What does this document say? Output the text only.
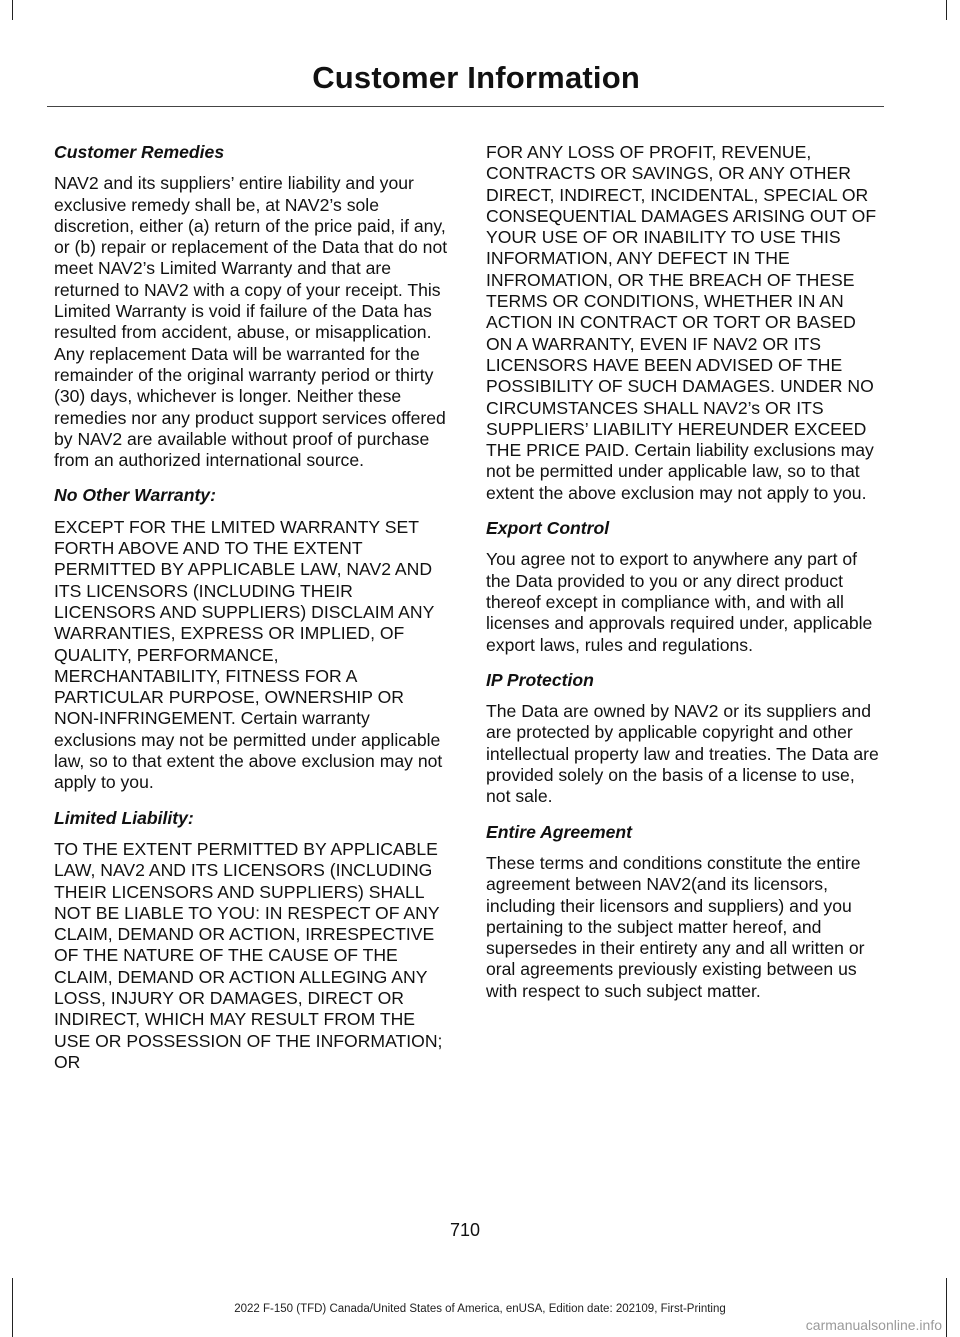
Customer Information
Customer Remedies

NAV2 and its suppliers’ entire liability and your exclusive remedy shall be, at NAV2’s sole discretion, either (a) return of the price paid, if any, or (b) repair or replacement of the Data that do not meet NAV2’s Limited Warranty and that are returned to NAV2 with a copy of your receipt. This Limited Warranty is void if failure of the Data has resulted from accident, abuse, or misapplication. Any replacement Data will be warranted for the remainder of the original warranty period or thirty (30) days, whichever is longer. Neither these remedies nor any product support services offered by NAV2 are available without proof of purchase from an authorized international source.

No Other Warranty:

EXCEPT FOR THE LMITED WARRANTY SET FORTH ABOVE AND TO THE EXTENT PERMITTED BY APPLICABLE LAW, NAV2 AND ITS LICENSORS (INCLUDING THEIR LICENSORS AND SUPPLIERS) DISCLAIM ANY WARRANTIES, EXPRESS OR IMPLIED, OF QUALITY, PERFORMANCE, MERCHANTABILITY, FITNESS FOR A PARTICULAR PURPOSE, OWNERSHIP OR NON-INFRINGEMENT. Certain warranty exclusions may not be permitted under applicable law, so to that extent the above exclusion may not apply to you.

Limited Liability:

TO THE EXTENT PERMITTED BY APPLICABLE LAW, NAV2 AND ITS LICENSORS (INCLUDING THEIR LICENSORS AND SUPPLIERS) SHALL NOT BE LIABLE TO YOU: IN RESPECT OF ANY CLAIM, DEMAND OR ACTION, IRRESPECTIVE OF THE NATURE OF THE CAUSE OF THE CLAIM, DEMAND OR ACTION ALLEGING ANY LOSS, INJURY OR DAMAGES, DIRECT OR INDIRECT, WHICH MAY RESULT FROM THE USE OR POSSESSION OF THE INFORMATION; OR

FOR ANY LOSS OF PROFIT, REVENUE, CONTRACTS OR SAVINGS, OR ANY OTHER DIRECT, INDIRECT, INCIDENTAL, SPECIAL OR CONSEQUENTIAL DAMAGES ARISING OUT OF YOUR USE OF OR INABILITY TO USE THIS INFORMATION, ANY DEFECT IN THE INFROMATION, OR THE BREACH OF THESE TERMS OR CONDITIONS, WHETHER IN AN ACTION IN CONTRACT OR TORT OR BASED ON A WARRANTY, EVEN IF NAV2 OR ITS LICENSORS HAVE BEEN ADVISED OF THE POSSIBILITY OF SUCH DAMAGES. UNDER NO CIRCUMSTANCES SHALL NAV2’s OR ITS SUPPLIERS’ LIABILITY HEREUNDER EXCEED THE PRICE PAID. Certain liability exclusions may not be permitted under applicable law, so to that extent the above exclusion may not apply to you.

Export Control

You agree not to export to anywhere any part of the Data provided to you or any direct product thereof except in compliance with, and with all licenses and approvals required under, applicable export laws, rules and regulations.

IP Protection

The Data are owned by NAV2 or its suppliers and are protected by applicable copyright and other intellectual property law and treaties. The Data are provided solely on the basis of a license to use, not sale.

Entire Agreement

These terms and conditions constitute the entire agreement between NAV2(and its licensors, including their licensors and suppliers) and you pertaining to the subject matter hereof, and supersedes in their entirety any and all written or oral agreements previously existing between us with respect to such subject matter.

710
2022 F-150 (TFD) Canada/United States of America, enUSA, Edition date: 202109, First-Printing
carmanualsonline.info
